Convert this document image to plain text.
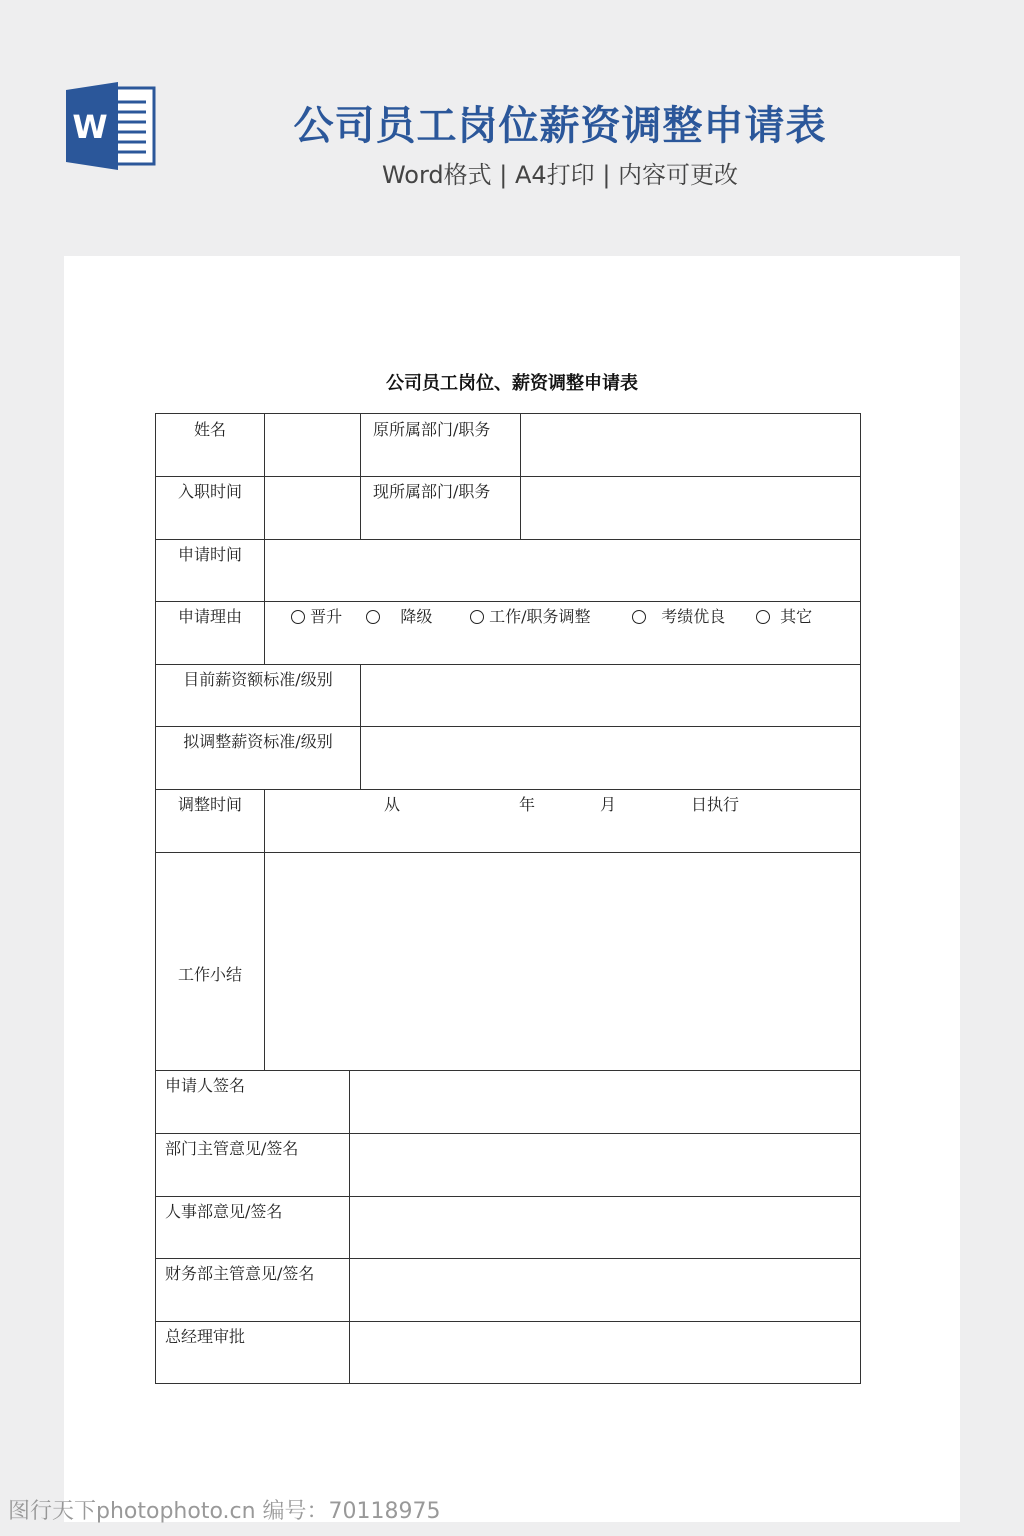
W	公司员工岗位薪资调整申请表
Word格式 | A4打印 | 内容可更改
公司员工岗位、薪资调整申请表
姓名	原所属部门/职务
入职时间	现所属部门/职务
申请时间
申请理由	晋升	降级	工作/职务调整	考绩优良	其它
目前薪资额标准/级别
拟调整薪资标准/级别
调整时间	从	年	月	日执行
工作小结
申请人签名
部门主管意见/签名
人事部意见/签名
财务部主管意见/签名
总经理审批
图行天下photophoto.cn 编号：70118975
